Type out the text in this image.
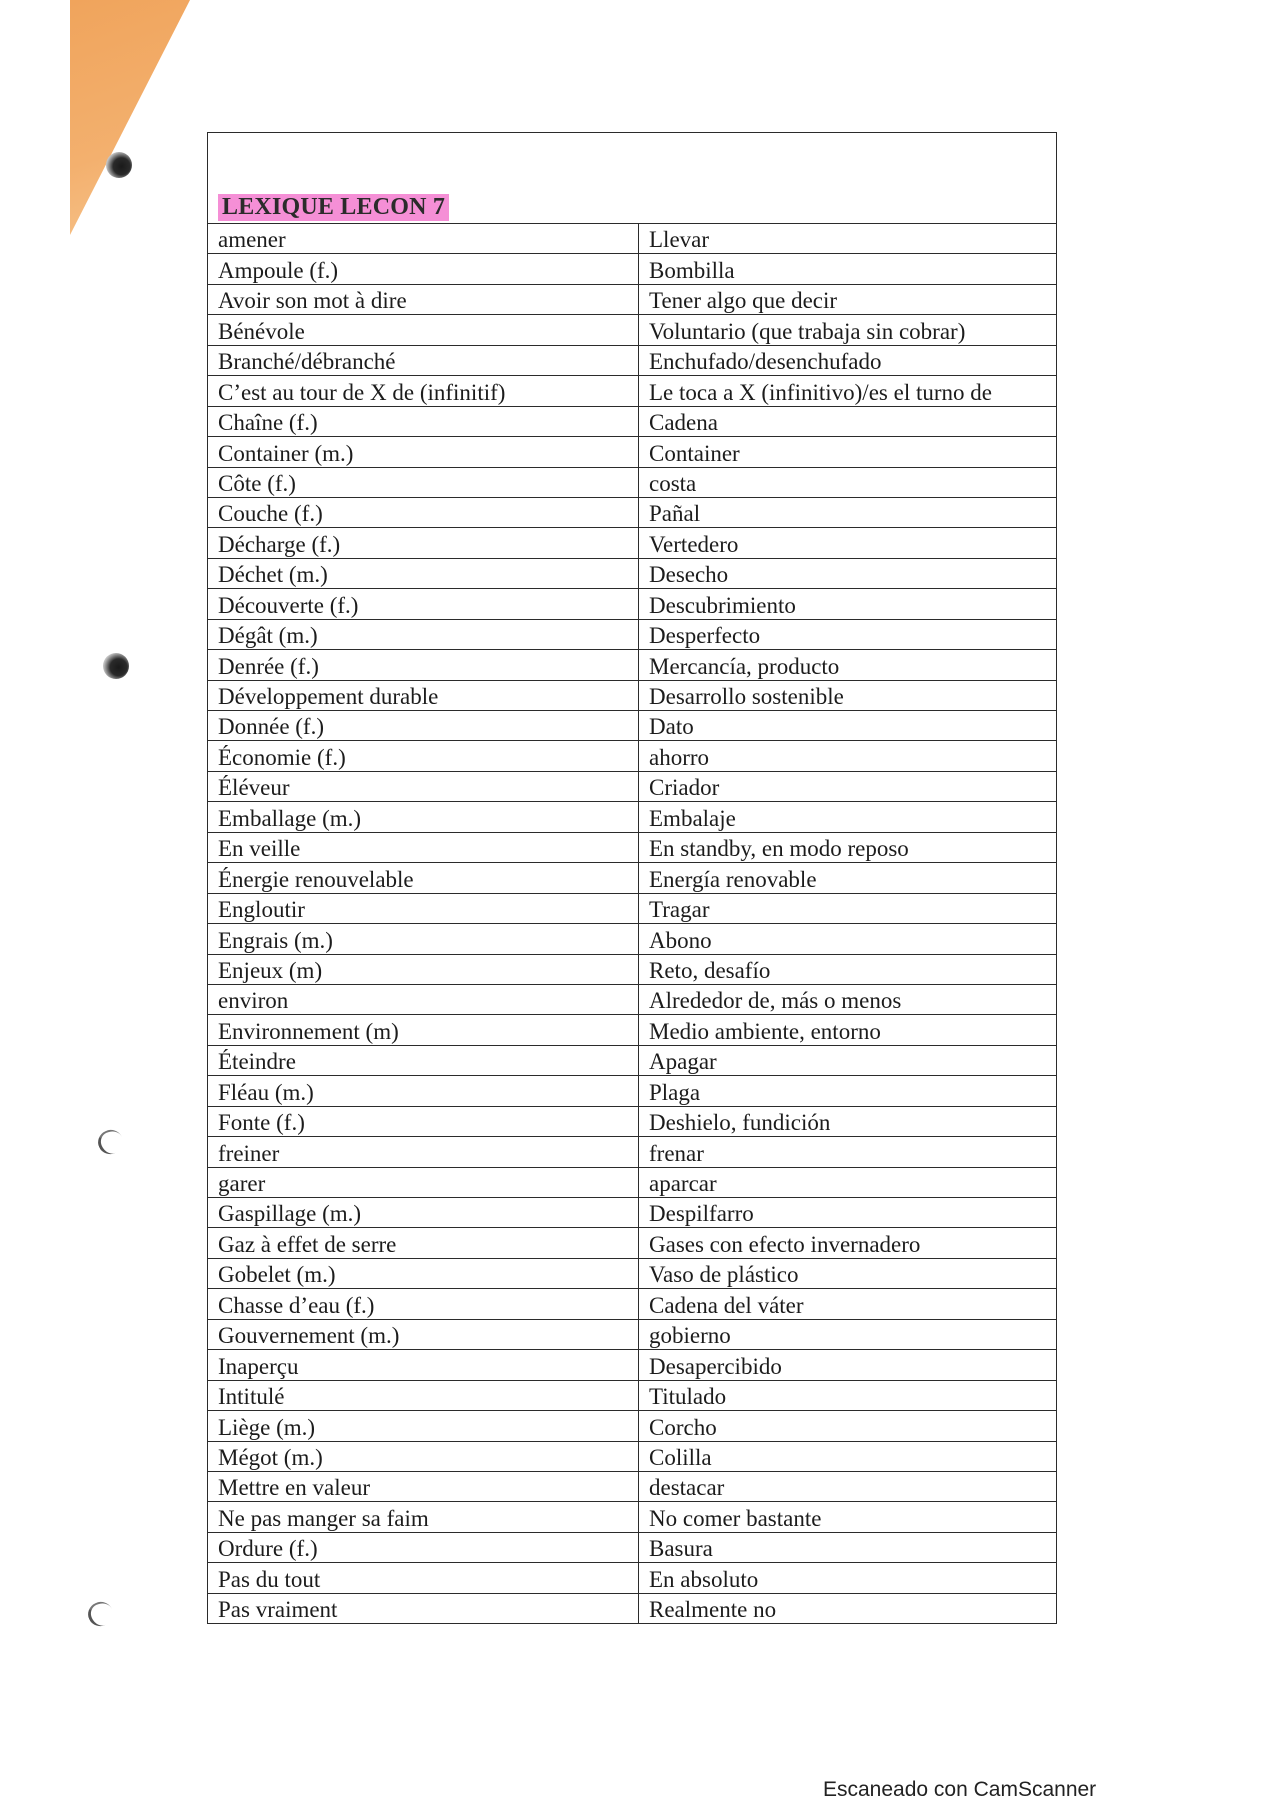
LEXIQUE LECON 7
amener	Llevar
Ampoule (f.)	Bombilla
Avoir son mot à dire	Tener algo que decir
Bénévole	Voluntario (que trabaja sin cobrar)
Branché/débranché	Enchufado/desenchufado
C’est au tour de X de (infinitif)	Le toca a X (infinitivo)/es el turno de
Chaîne (f.)	Cadena
Container (m.)	Container
Côte (f.)	costa
Couche (f.)	Pañal
Décharge (f.)	Vertedero
Déchet (m.)	Desecho
Découverte (f.)	Descubrimiento
Dégât (m.)	Desperfecto
Denrée (f.)	Mercancía, producto
Développement durable	Desarrollo sostenible
Donnée (f.)	Dato
Économie (f.)	ahorro
Éléveur	Criador
Emballage (m.)	Embalaje
En veille	En standby, en modo reposo
Énergie renouvelable	Energía renovable
Engloutir	Tragar
Engrais (m.)	Abono
Enjeux (m)	Reto, desafío
environ	Alrededor de, más o menos
Environnement (m)	Medio ambiente, entorno
Éteindre	Apagar
Fléau (m.)	Plaga
Fonte (f.)	Deshielo, fundición
freiner	frenar
garer	aparcar
Gaspillage (m.)	Despilfarro
Gaz à effet de serre	Gases con efecto invernadero
Gobelet (m.)	Vaso de plástico
Chasse d’eau (f.)	Cadena del váter
Gouvernement (m.)	gobierno
Inaperçu	Desapercibido
Intitulé	Titulado
Liège (m.)	Corcho
Mégot (m.)	Colilla
Mettre en valeur	destacar
Ne pas manger sa faim	No comer bastante
Ordure (f.)	Basura
Pas du tout	En absoluto
Pas vraiment	Realmente no
Escaneado con CamScanner
